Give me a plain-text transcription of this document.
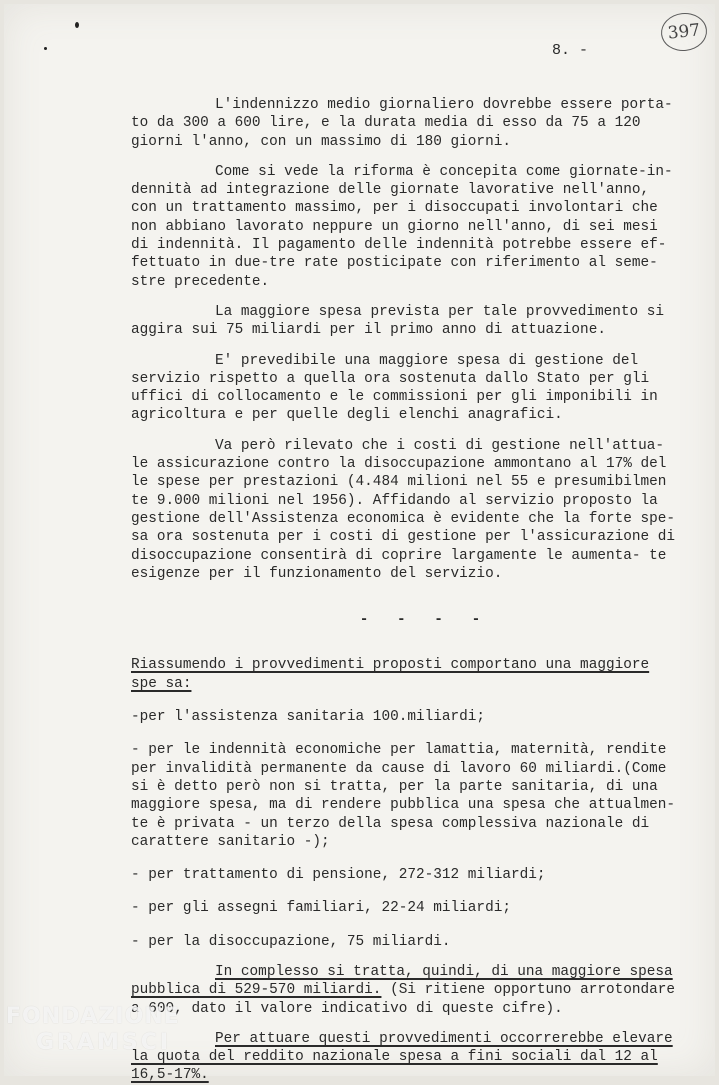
397
8. -

L'indennizzo medio giornaliero dovrebbe essere porta- to da 300 a 600 lire, e la durata media di esso da 75 a 120 giorni l'anno, con un massimo di 180 giorni.

Come si vede la riforma è concepita come giornate-in- dennità ad integrazione delle giornate lavorative nell'anno, con un trattamento massimo, per i disoccupati involontari che non abbiano lavorato neppure un giorno nell'anno, di sei mesi di indennità. Il pagamento delle indennità potrebbe essere ef- fettuato in due-tre rate posticipate con riferimento al seme- stre precedente.

La maggiore spesa prevista per tale provvedimento si aggira sui 75 miliardi per il primo anno di attuazione.

E' prevedibile una maggiore spesa di gestione del servizio rispetto a quella ora sostenuta dallo Stato per gli uffici di collocamento e le commissioni per gli imponibili in agricoltura e per quelle degli elenchi anagrafici.

Va però rilevato che i costi di gestione nell'attua- le assicurazione contro la disoccupazione ammontano al 17% del le spese per prestazioni (4.484 milioni nel 55 e presumibilmen te 9.000 milioni nel 1956). Affidando al servizio proposto la gestione dell'Assistenza economica è evidente che la forte spe- sa ora sostenuta per i costi di gestione per l'assicurazione di disoccupazione consentirà di coprire largamente le aumenta- te esigenze per il funzionamento del servizio.

- - - -

Riassumendo i provvedimenti proposti comportano una maggiore spe sa:

-per l'assistenza sanitaria 100.miliardi;

- per le indennità economiche per lamattia, maternità, rendite per invalidità permanente da cause di lavoro 60 miliardi.(Come si è detto però non si tratta, per la parte sanitaria, di una maggiore spesa, ma di rendere pubblica una spesa che attualmen- te è privata - un terzo della spesa complessiva nazionale di carattere sanitario -);

- per trattamento di pensione, 272-312 miliardi;

- per gli assegni familiari, 22-24 miliardi;

- per la disoccupazione, 75 miliardi.

In complesso si tratta, quindi, di una maggiore spesa pubblica di 529-570 miliardi. (Si ritiene opportuno arrotondare a 600, dato il valore indicativo di queste cifre).

Per attuare questi provvedimenti occorrerebbe elevare la quota del reddito nazionale spesa a fini sociali dal 12 al 16,5-17%.

FONDAZIONE
GRAMSCI
